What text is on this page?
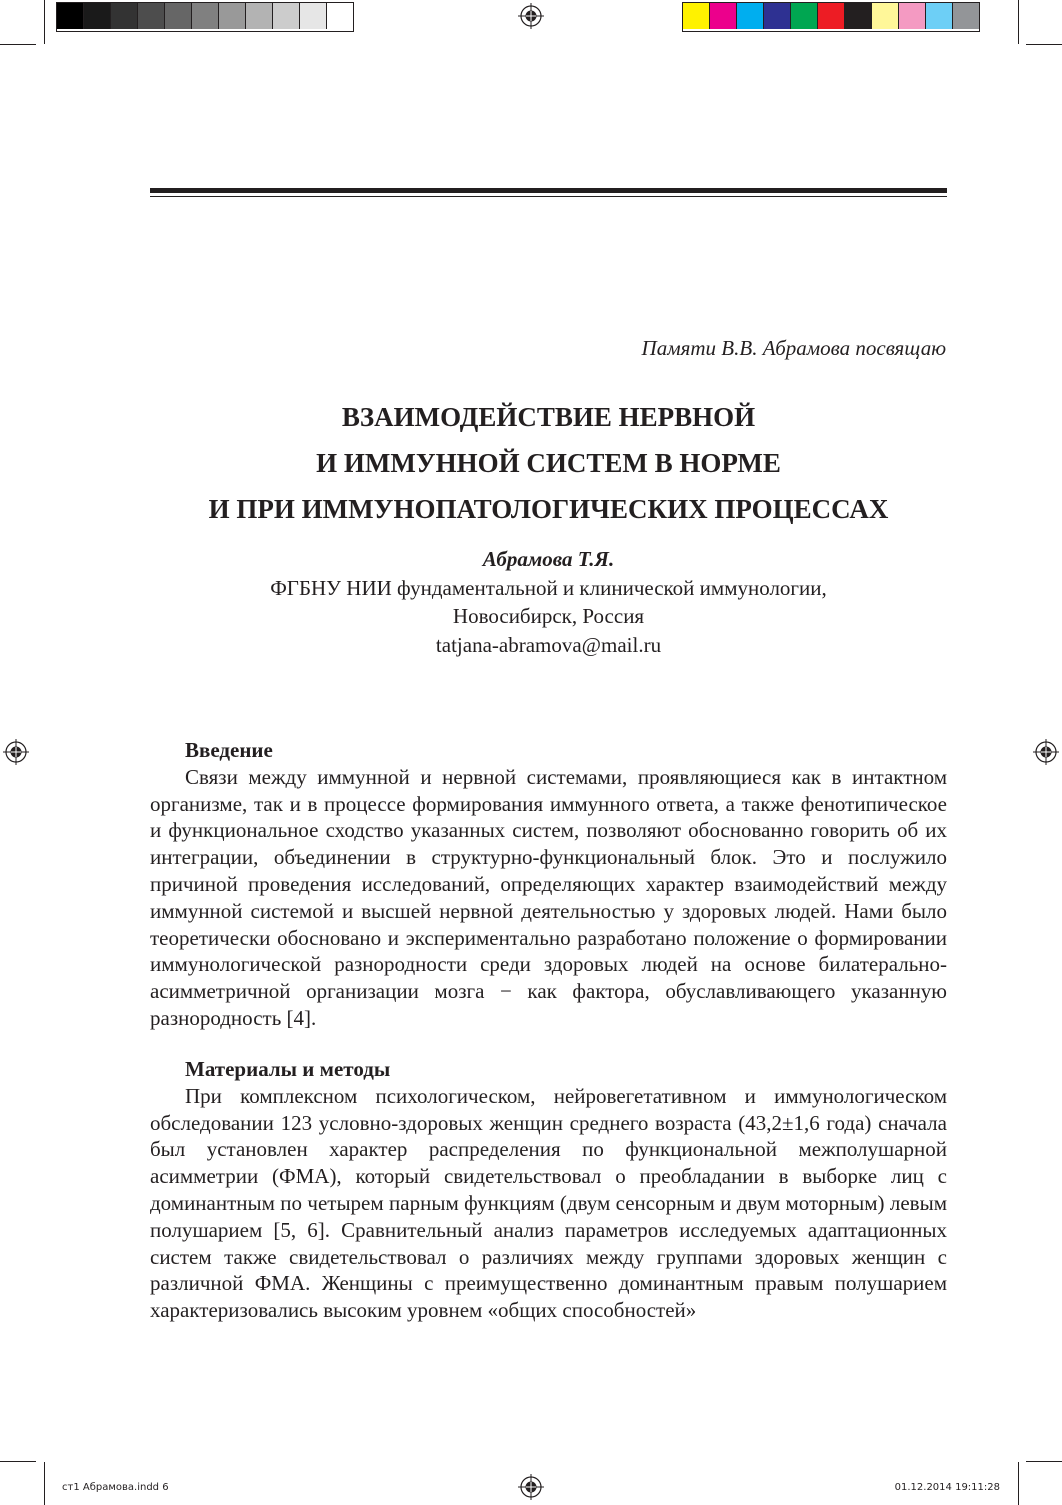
Памяти В.В. Абрамова посвящаю
ВЗАИМОДЕЙСТВИЕ НЕРВНОЙ
И ИММУННОЙ СИСТЕМ В НОРМЕ
И ПРИ ИММУНОПАТОЛОГИЧЕСКИХ ПРОЦЕССАХ
Абрамова Т.Я.
ФГБНУ НИИ фундаментальной и клинической иммунологии,
Новосибирск, Россия
tatjana-abramova@mail.ru
Введение
Связи между иммунной и нервной системами, проявляющиеся как в интактном организме, так и в процессе формирования иммунного ответа, а также фенотипическое и функциональное сходство указанных систем, позволяют обоснованно говорить об их интеграции, объединении в структурно-функциональный блок. Это и послужило причиной проведения исследований, определяющих характер взаимодействий между иммунной системой и высшей нервной деятельностью у здоровых людей. Нами было теоретически обосновано и экспериментально разработано положение о формировании иммунологической разнородности среди здоровых людей на основе билатерально-асимметричной организации мозга − как фактора, обуславливающего указанную разнородность [4].
Материалы и методы
При комплексном психологическом, нейровегетативном и иммунологическом обследовании 123 условно-здоровых женщин среднего возраста (43,2±1,6 года) сначала был установлен характер распределения по функциональной межполушарной асимметрии (ФМА), который свидетельствовал о преобладании в выборке лиц с доминантным по четырем парным функциям (двум сенсорным и двум моторным) левым полушарием [5, 6]. Сравнительный анализ параметров исследуемых адаптационных систем также свидетельствовал о различиях между группами здоровых женщин с различной ФМА. Женщины с преимущественно доминантным правым полушарием характеризовались высоким уровнем «общих способностей»
ст1 Абрамова.indd 6	01.12.2014 19:11:28
